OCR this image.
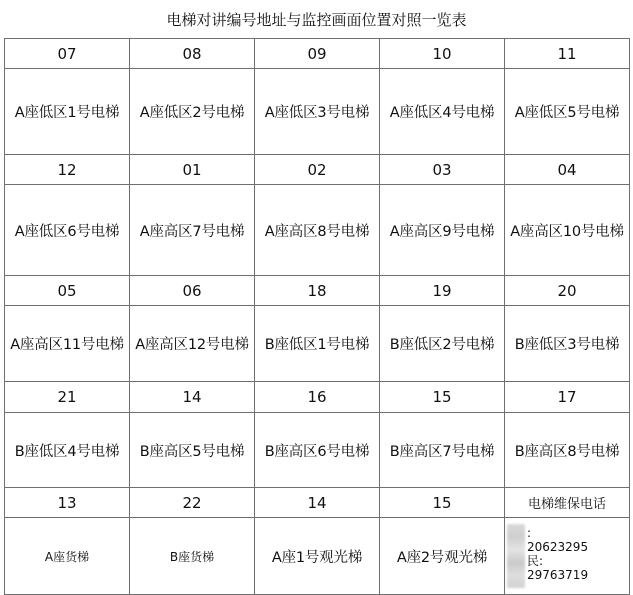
电梯对讲编号地址与监控画面位置对照一览表
07	08	09	10	11
A座低区1号电梯	A座低区2号电梯	A座低区3号电梯	A座低区4号电梯	A座低区5号电梯
12	01	02	03	04
A座低区6号电梯	A座高区7号电梯	A座高区8号电梯	A座高区9号电梯	A座高区10号电梯
05	06	18	19	20
A座高区11号电梯	A座高区12号电梯	B座低区1号电梯	B座低区2号电梯	B座低区3号电梯
21	14	16	15	17
B座低区4号电梯	B座高区5号电梯	B座高区6号电梯	B座高区7号电梯	B座高区8号电梯
13	22	14	15	电梯维保电话
A座货梯	B座货梯	A座1号观光梯	A座2号观光梯	:
20623295
民:
29763719
